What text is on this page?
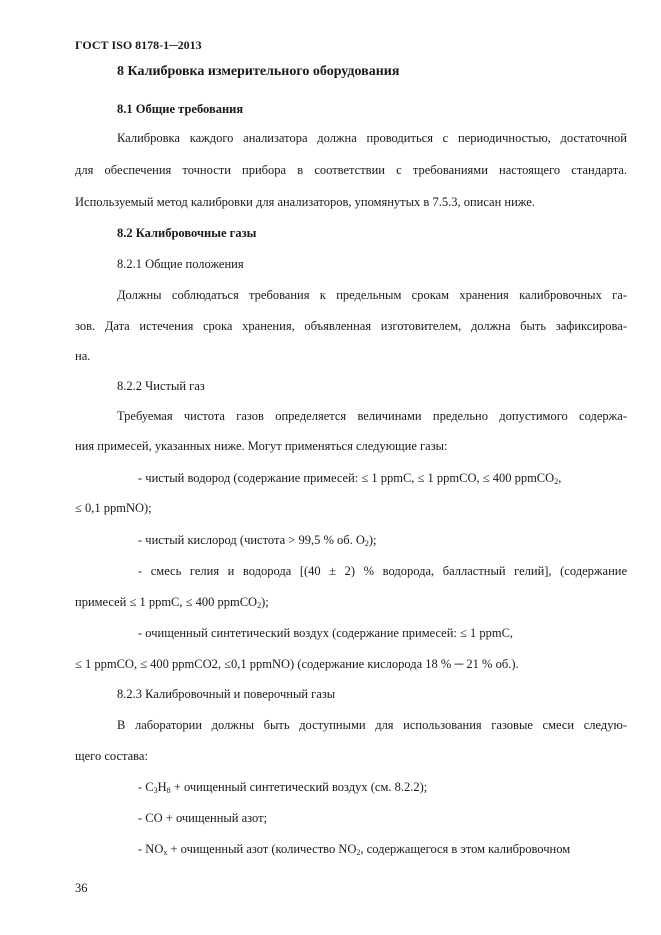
ГОСТ ISO 8178-1─2013
8 Калибровка измерительного оборудования
8.1 Общие требования
Калибровка каждого анализатора должна проводиться с периодичностью, достаточной
для обеспечения точности прибора в соответствии с требованиями настоящего стандарта.
Используемый метод калибровки для анализаторов, упомянутых в 7.5.3, описан ниже.
8.2 Калибровочные газы
8.2.1 Общие положения
Должны соблюдаться требования к предельным срокам хранения калибровочных га-
зов. Дата истечения срока хранения, объявленная изготовителем, должна быть зафиксирова-
на.
8.2.2 Чистый газ
Требуемая чистота газов определяется величинами предельно допустимого содержа-
ния примесей, указанных ниже. Могут применяться следующие газы:
- чистый водород (содержание примесей: ≤ 1 ppmC, ≤ 1 ppmCO, ≤ 400 ppmCO$_2$,
≤ 0,1 ppmNO);
- чистый кислород (чистота > 99,5 % об. $O_2$);
- смесь гелия и водорода [(40 ± 2) % водорода, балластный гелий], (содержание
примесей ≤ 1 ppmC, ≤ 400 ppmCO$_2$);
- очищенный синтетический воздух (содержание примесей: ≤ 1 ppmC,
≤ 1 ppmCO, ≤ 400 ppmCO2, ≤0,1 ppmNO) (содержание кислорода 18 % ─ 21 % об.).
8.2.3 Калибровочный и поверочный газы
В лаборатории должны быть доступными для использования газовые смеси следую-
щего состава:
- $C_3H_8$ + очищенный синтетический воздух (см. 8.2.2);
- CO + очищенный азот;
- $NO_x$ + очищенный азот (количество $NO_2$, содержащегося в этом калибровочном
36
